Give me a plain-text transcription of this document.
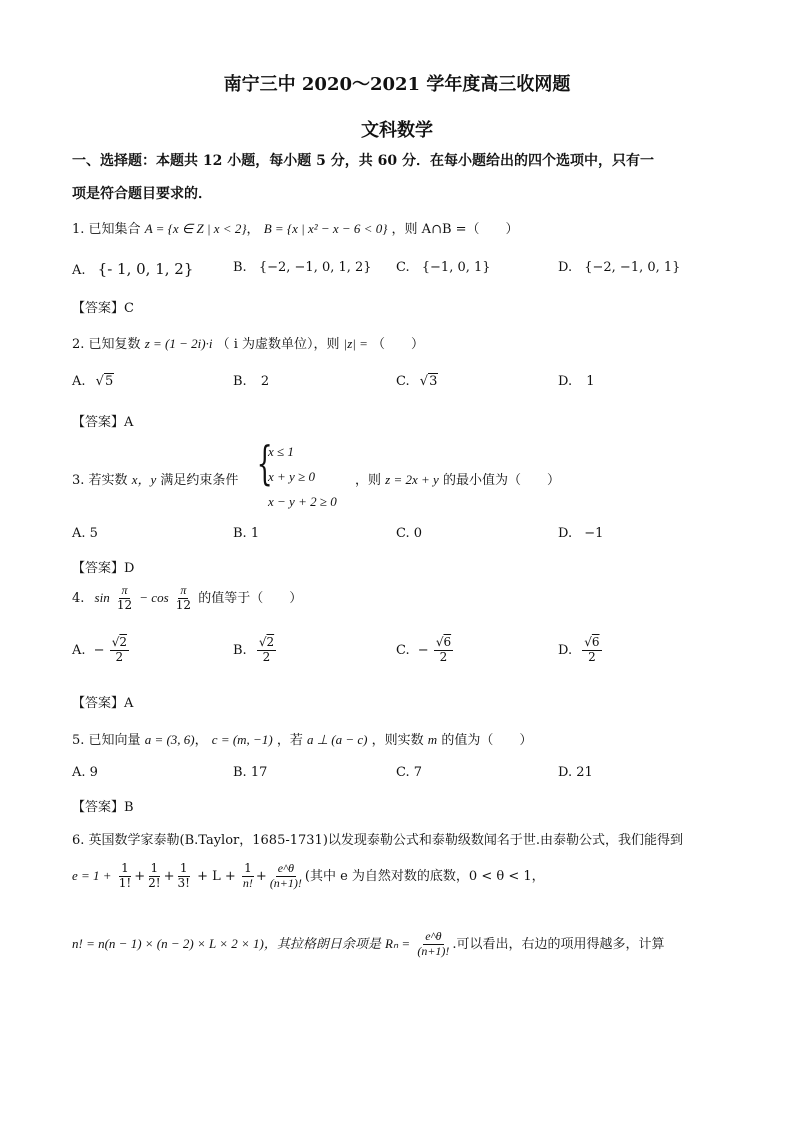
南宁三中 2020～2021 学年度高三收网题
文科数学
一、选择题：本题共 12 小题，每小题 5 分，共 60 分．在每小题给出的四个选项中，只有一
项是符合题目要求的．
1. 已知集合 A = {x ∈ Z | x < 2}， B = {x | x² − x − 6 < 0} ，则 A∩B =（　　）
A. {- 1, 0, 1, 2}	B. {−2, −1, 0, 1, 2} C. {−1, 0, 1}	D. {−2, −1, 0, 1}
【答案】C
2. 已知复数 z = (1 − 2i)·i （ i 为虚数单位），则 |z| = （　　）
A. √5	B. 2	C. √3	D. 1
【答案】A
3. 若实数 x，y 满足约束条件 {
x ≤ 1
x + y ≥ 0
x − y + 2 ≥ 0
，则 z = 2x + y 的最小值为（　　）
A. 5	B. 1	C. 0	D. −1
【答案】D
4. $\sin \frac{\pi}{12} - \cos \frac{\pi}{12}$ 的值等于（　　）
A. − $\frac{√2}{2}$	B. $\frac{√2}{2}$	C. − $\frac{√6}{2}$	D. $\frac{√6}{2}$
【答案】A
5. 已知向量 a = (3, 6)， c = (m, −1) ，若 a ⊥ (a − c) ，则实数 m 的值为（　　）
A. 9	B. 17	C. 7	D. 21
【答案】B
6. 英国数学家泰勒(B.Taylor，1685-1731)以发现泰勒公式和泰勒级数闻名于世.由泰勒公式，我们能得到
$e = 1 + \frac{1}{1!} + \frac{1}{2!} + \frac{1}{3!} + L + \frac{1}{n!} + \frac{e\^{}\theta}{(n+1)!}$ (其中 e 为自然对数的底数，0 < θ < 1，
n! = n(n − 1) × (n − 2) × L × 2 × 1)，其拉格朗日余项是 $R_n = \frac{e\^{}\theta}{(n+1)!}$ .可以看出，右边的项用得越多，计算
